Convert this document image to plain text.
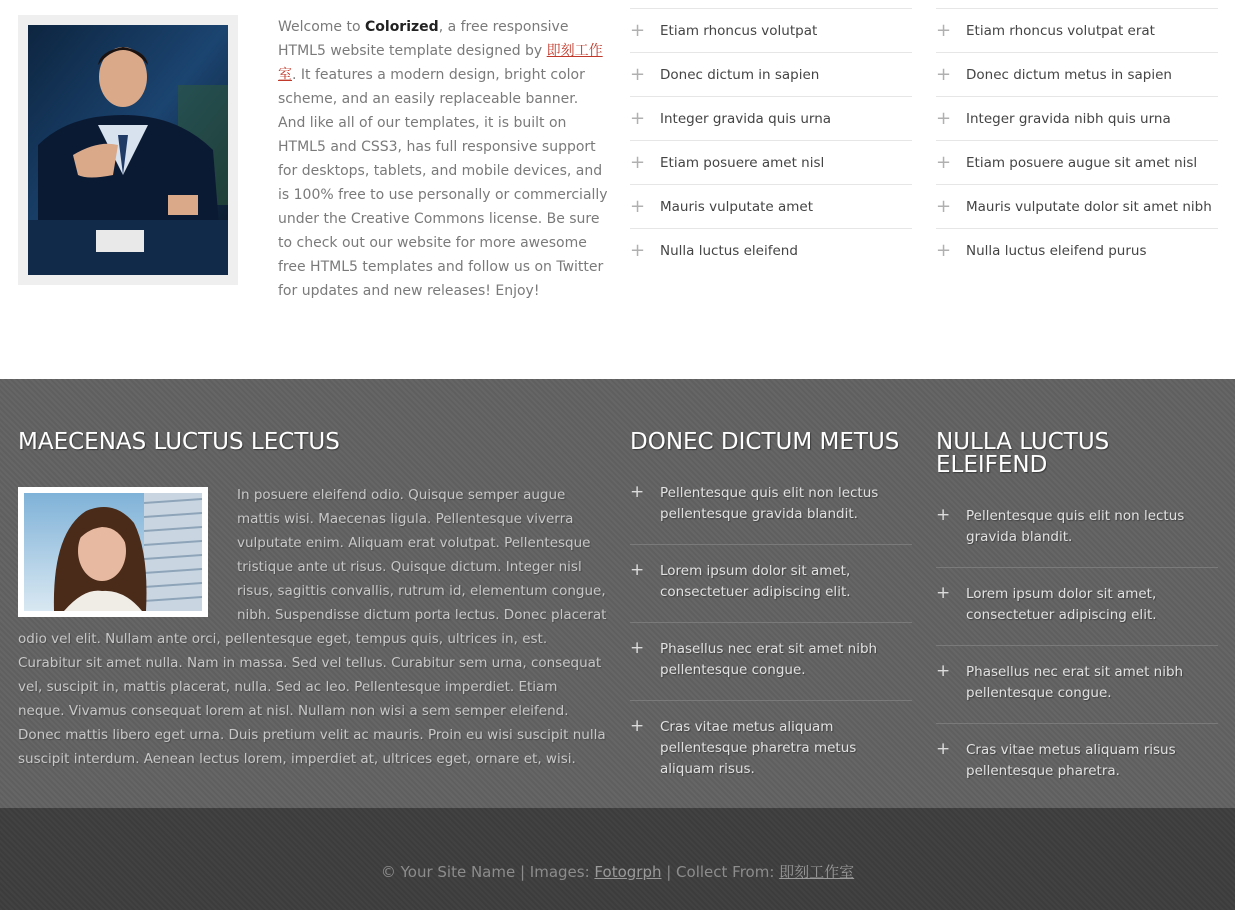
Welcome to Colorized, a free responsive HTML5 website template designed by 即刻工作室. It features a modern design, bright color scheme, and an easily replaceable banner. And like all of our templates, it is built on HTML5 and CSS3, has full responsive support for desktops, tablets, and mobile devices, and is 100% free to use personally or commercially under the Creative Commons license. Be sure to check out our website for more awesome free HTML5 templates and follow us on Twitter for updates and new releases! Enjoy!

+	Etiam rhoncus volutpat
+	Donec dictum in sapien
+	Integer gravida quis urna
+	Etiam posuere amet nisl
+	Mauris vulputate amet
+	Nulla luctus eleifend
+	Etiam rhoncus volutpat erat
+	Donec dictum metus in sapien
+	Integer gravida nibh quis urna
+	Etiam posuere augue sit amet nisl
+	Mauris vulputate dolor sit amet nibh
+	Nulla luctus eleifend purus
MAECENAS LUCTUS LECTUS	DONEC DICTUM METUS	NULLA LUCTUS ELEIFEND

In posuere eleifend odio. Quisque semper augue mattis wisi. Maecenas ligula. Pellentesque viverra vulputate enim. Aliquam erat volutpat. Pellentesque tristique ante ut risus. Quisque dictum. Integer nisl risus, sagittis convallis, rutrum id, elementum congue, nibh. Suspendisse dictum porta lectus. Donec placerat odio vel elit. Nullam ante orci, pellentesque eget, tempus quis, ultrices in, est. Curabitur sit amet nulla. Nam in massa. Sed vel tellus. Curabitur sem urna, consequat vel, suscipit in, mattis placerat, nulla. Sed ac leo. Pellentesque imperdiet. Etiam neque. Vivamus consequat lorem at nisl. Nullam non wisi a sem semper eleifend. Donec mattis libero eget urna. Duis pretium velit ac mauris. Proin eu wisi suscipit nulla suscipit interdum. Aenean lectus lorem, imperdiet at, ultrices eget, ornare et, wisi.

+	Pellentesque quis elit non lectus pellentesque gravida blandit.
+	Lorem ipsum dolor sit amet, consectetuer adipiscing elit.
+	Phasellus nec erat sit amet nibh pellentesque congue.
+	Cras vitae metus aliquam pellentesque pharetra metus aliquam risus.
+	Pellentesque quis elit non lectus gravida blandit.
+	Lorem ipsum dolor sit amet, consectetuer adipiscing elit.
+	Phasellus nec erat sit amet nibh pellentesque congue.
+	Cras vitae metus aliquam risus pellentesque pharetra.
© Your Site Name | Images: Fotogrph | Collect From: 即刻工作室
